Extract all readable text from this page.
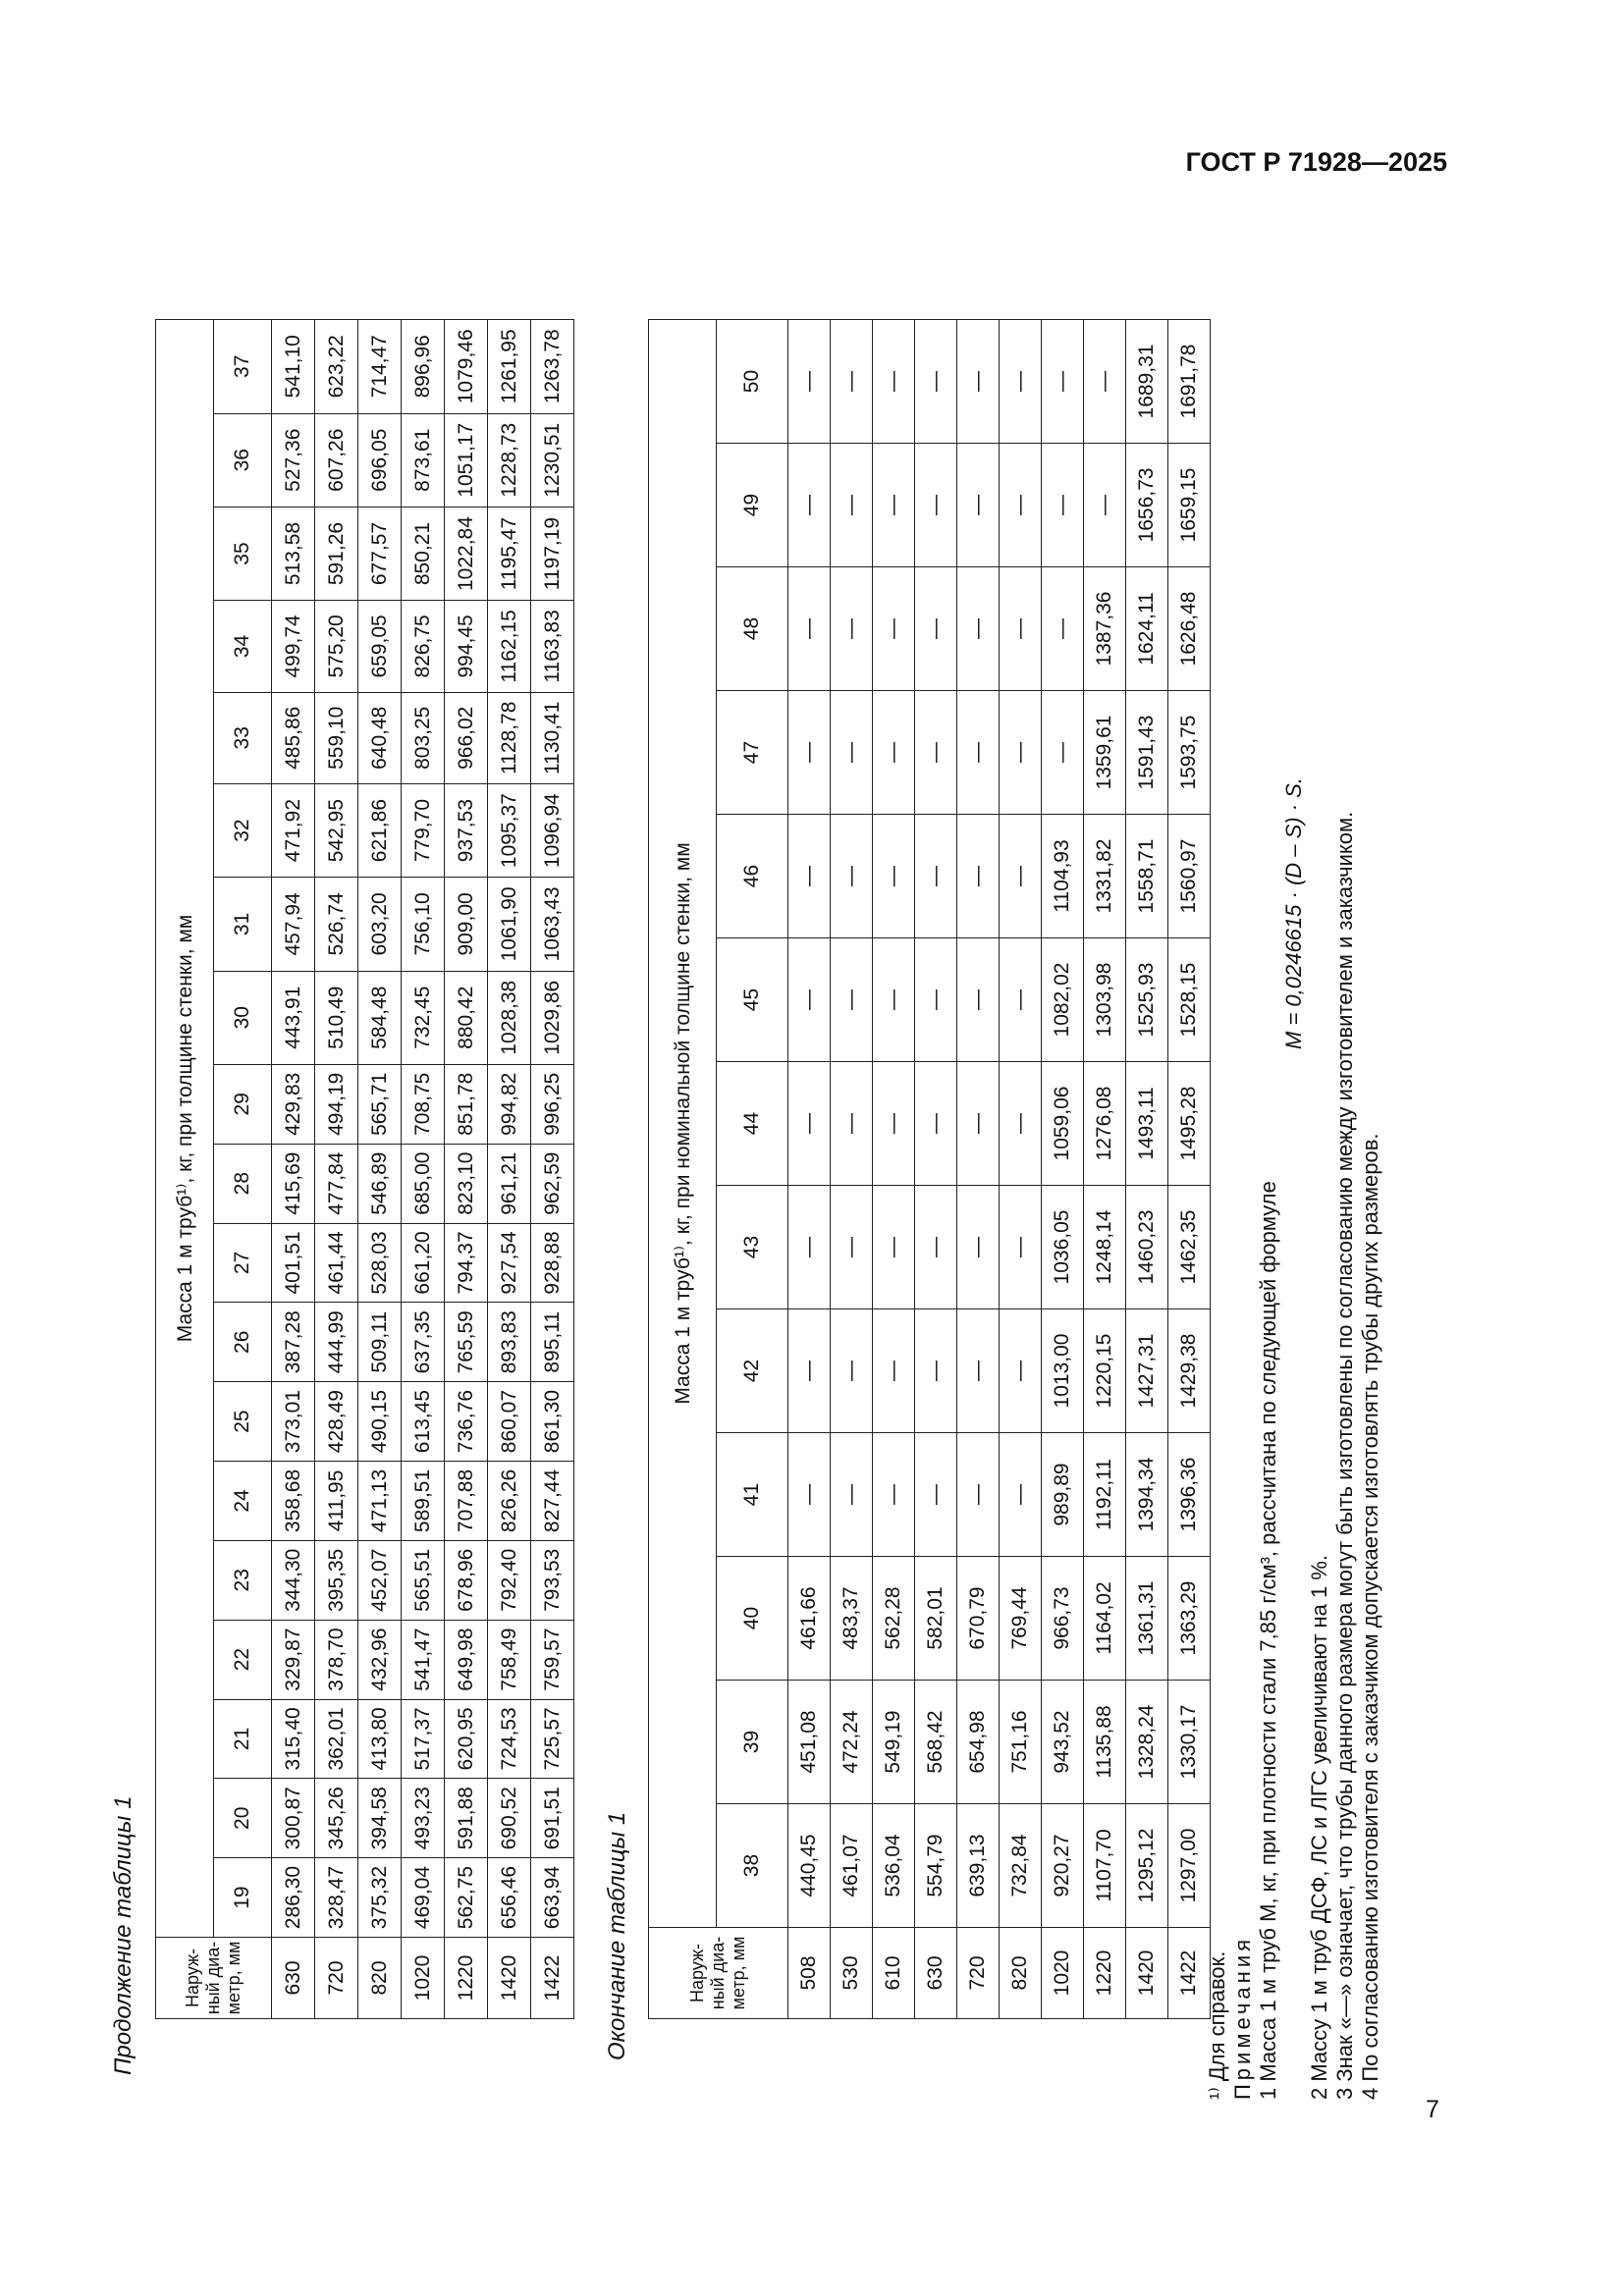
ГОСТ Р 71928—2025
7
Продолжение таблицы 1	Наруж-ный диа-метр, мм	Масса 1 м труб¹⁾, кг, при толщине стенки, мм																		
	19	20	21	22	23	24	25	26	27	28	29	30	31	32	33	34	35	36	37
630	286,30	300,87	315,40	329,87	344,30	358,68	373,01	387,28	401,51	415,69	429,83	443,91	457,94	471,92	485,86	499,74	513,58	527,36	541,10
720	328,47	345,26	362,01	378,70	395,35	411,95	428,49	444,99	461,44	477,84	494,19	510,49	526,74	542,95	559,10	575,20	591,26	607,26	623,22
820	375,32	394,58	413,80	432,96	452,07	471,13	490,15	509,11	528,03	546,89	565,71	584,48	603,20	621,86	640,48	659,05	677,57	696,05	714,47
1020	469,04	493,23	517,37	541,47	565,51	589,51	613,45	637,35	661,20	685,00	708,75	732,45	756,10	779,70	803,25	826,75	850,21	873,61	896,96
1220	562,75	591,88	620,95	649,98	678,96	707,88	736,76	765,59	794,37	823,10	851,78	880,42	909,00	937,53	966,02	994,45	1022,84	1051,17	1079,46
1420	656,46	690,52	724,53	758,49	792,40	826,26	860,07	893,83	927,54	961,21	994,82	1028,38	1061,90	1095,37	1128,78	1162,15	1195,47	1228,73	1261,95
1422	663,94	691,51	725,57	759,57	793,53	827,44	861,30	895,11	928,88	962,59	996,25	1029,86	1063,43	1096,94	1130,41	1163,83	1197,19	1230,51	1263,78
Окончание таблицы 1	Наруж-ный диа-метр, мм	Масса 1 м труб¹⁾, кг, при номинальной толщине стенки, мм												
	38	39	40	41	42	43	44	45	46	47	48	49	50
508	440,45	451,08	461,66	—	—	—	—	—	—	—	—	—	—
530	461,07	472,24	483,37	—	—	—	—	—	—	—	—	—	—
610	536,04	549,19	562,28	—	—	—	—	—	—	—	—	—	—
630	554,79	568,42	582,01	—	—	—	—	—	—	—	—	—	—
720	639,13	654,98	670,79	—	—	—	—	—	—	—	—	—	—
820	732,84	751,16	769,44	—	—	—	—	—	—	—	—	—	—
1020	920,27	943,52	966,73	989,89	1013,00	1036,05	1059,06	1082,02	1104,93	—	—	—	—
1220	1107,70	1135,88	1164,02	1192,11	1220,15	1248,14	1276,08	1303,98	1331,82	1359,61	1387,36	—	—
1420	1295,12	1328,24	1361,31	1394,34	1427,31	1460,23	1493,11	1525,93	1558,71	1591,43	1624,11	1656,73	1689,31
1422	1297,00	1330,17	1363,29	1396,36	1429,38	1462,35	1495,28	1528,15	1560,97	1593,75	1626,48	1659,15	1691,78

¹⁾ Для справок. Примечания 1 Масса 1 м труб M, кг, при плотности стали 7,85 г/см³, рассчитана по следующей формуле

M = 0,0246615 · (D – S) · S.

2 Массу 1 м труб ДСФ, ЛС и ЛГС увеличивают на 1 %. 3 Знак «—» означает, что трубы данного размера могут быть изготовлены по согласованию между изготовителем и заказчиком. 4 По согласованию изготовителя с заказчиком допускается изготовлять трубы других размеров.
